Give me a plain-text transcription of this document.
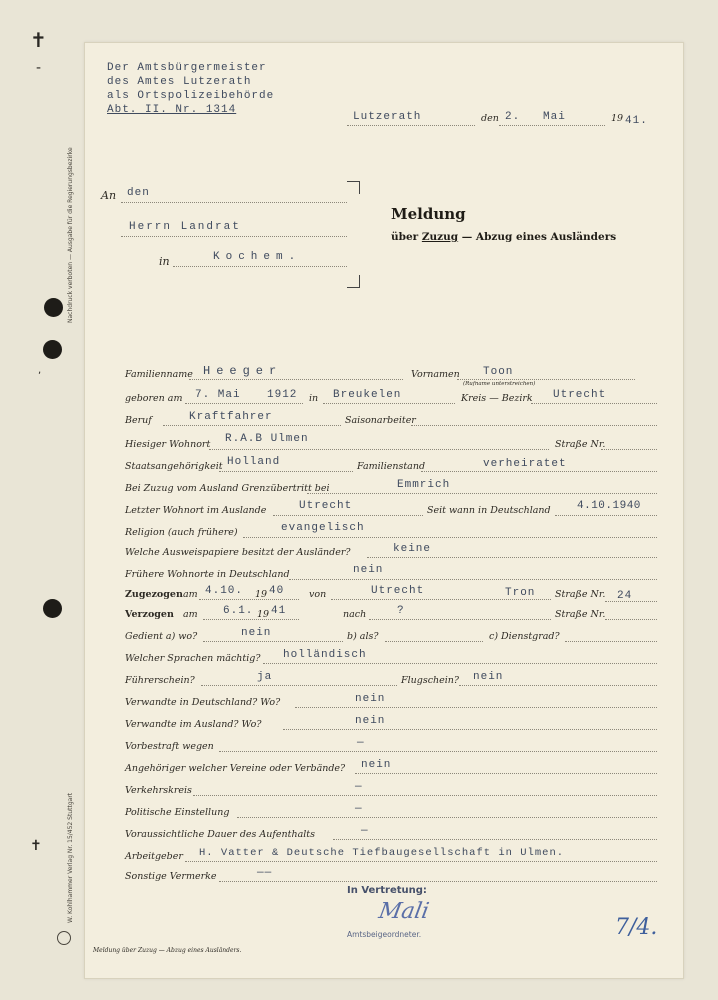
✝
-
,
✝
Der Amtsbürgermeister
des Amtes Lutzerath
als Ortspolizeibehörde
Abt. II. Nr. 1314
Lutzerath	den 2. Mai	19 41.
An den
Herrn Landrat
in	Kochem.
Meldung
über Zuzug — Abzug eines Ausländers
Familienname Heeger	Vornamen Toon
(Rufname unterstreichen)
geboren am 7. Mai 1912 in Breukelen	Kreis — Bezirk Utrecht
Beruf	Kraftfahrer	Saisonarbeiter
Hiesiger Wohnort R.A.B Ulmen	Straße Nr.
Staatsangehörigkeit Holland	Familienstand	verheiratet
Bei Zuzug vom Ausland Grenzübertritt bei	Emmrich
Letzter Wohnort im Auslande	Utrecht	Seit wann in Deutschland 4.10.1940
Religion (auch frühere)	evangelisch
Welche Ausweispapiere besitzt der Ausländer?	keine
Frühere Wohnorte in Deutschland	nein
Zugezogen am 4.10. 19 40	von	Utrecht	Tron Straße Nr. 24
Verzogen am 6.1. 19 41	nach	?	Straße Nr.
Gedient a) wo?	nein	b) als?	c) Dienstgrad?
Welcher Sprachen mächtig? holländisch
Führerschein?	ja	Flugschein? nein
Verwandte in Deutschland? Wo?	nein
Verwandte im Ausland? Wo?	nein
Vorbestraft wegen	—
Angehöriger welcher Vereine oder Verbände? nein
Verkehrskreis	—
Politische Einstellung	—
Voraussichtliche Dauer des Aufenthalts	—
Arbeitgeber H. Vatter & Deutsche Tiefbaugesellschaft in Ulmen.
Sonstige Vermerke	——
In Vertretung:
Mali
Amtsbeigeordneter.
Meldung über Zuzug — Abzug eines Ausländers.
7/4.
Nachdruck verboten — Ausgabe für die Regierungsbezirke
W. Kohlhammer Verlag Nr. 15/452 Stuttgart
